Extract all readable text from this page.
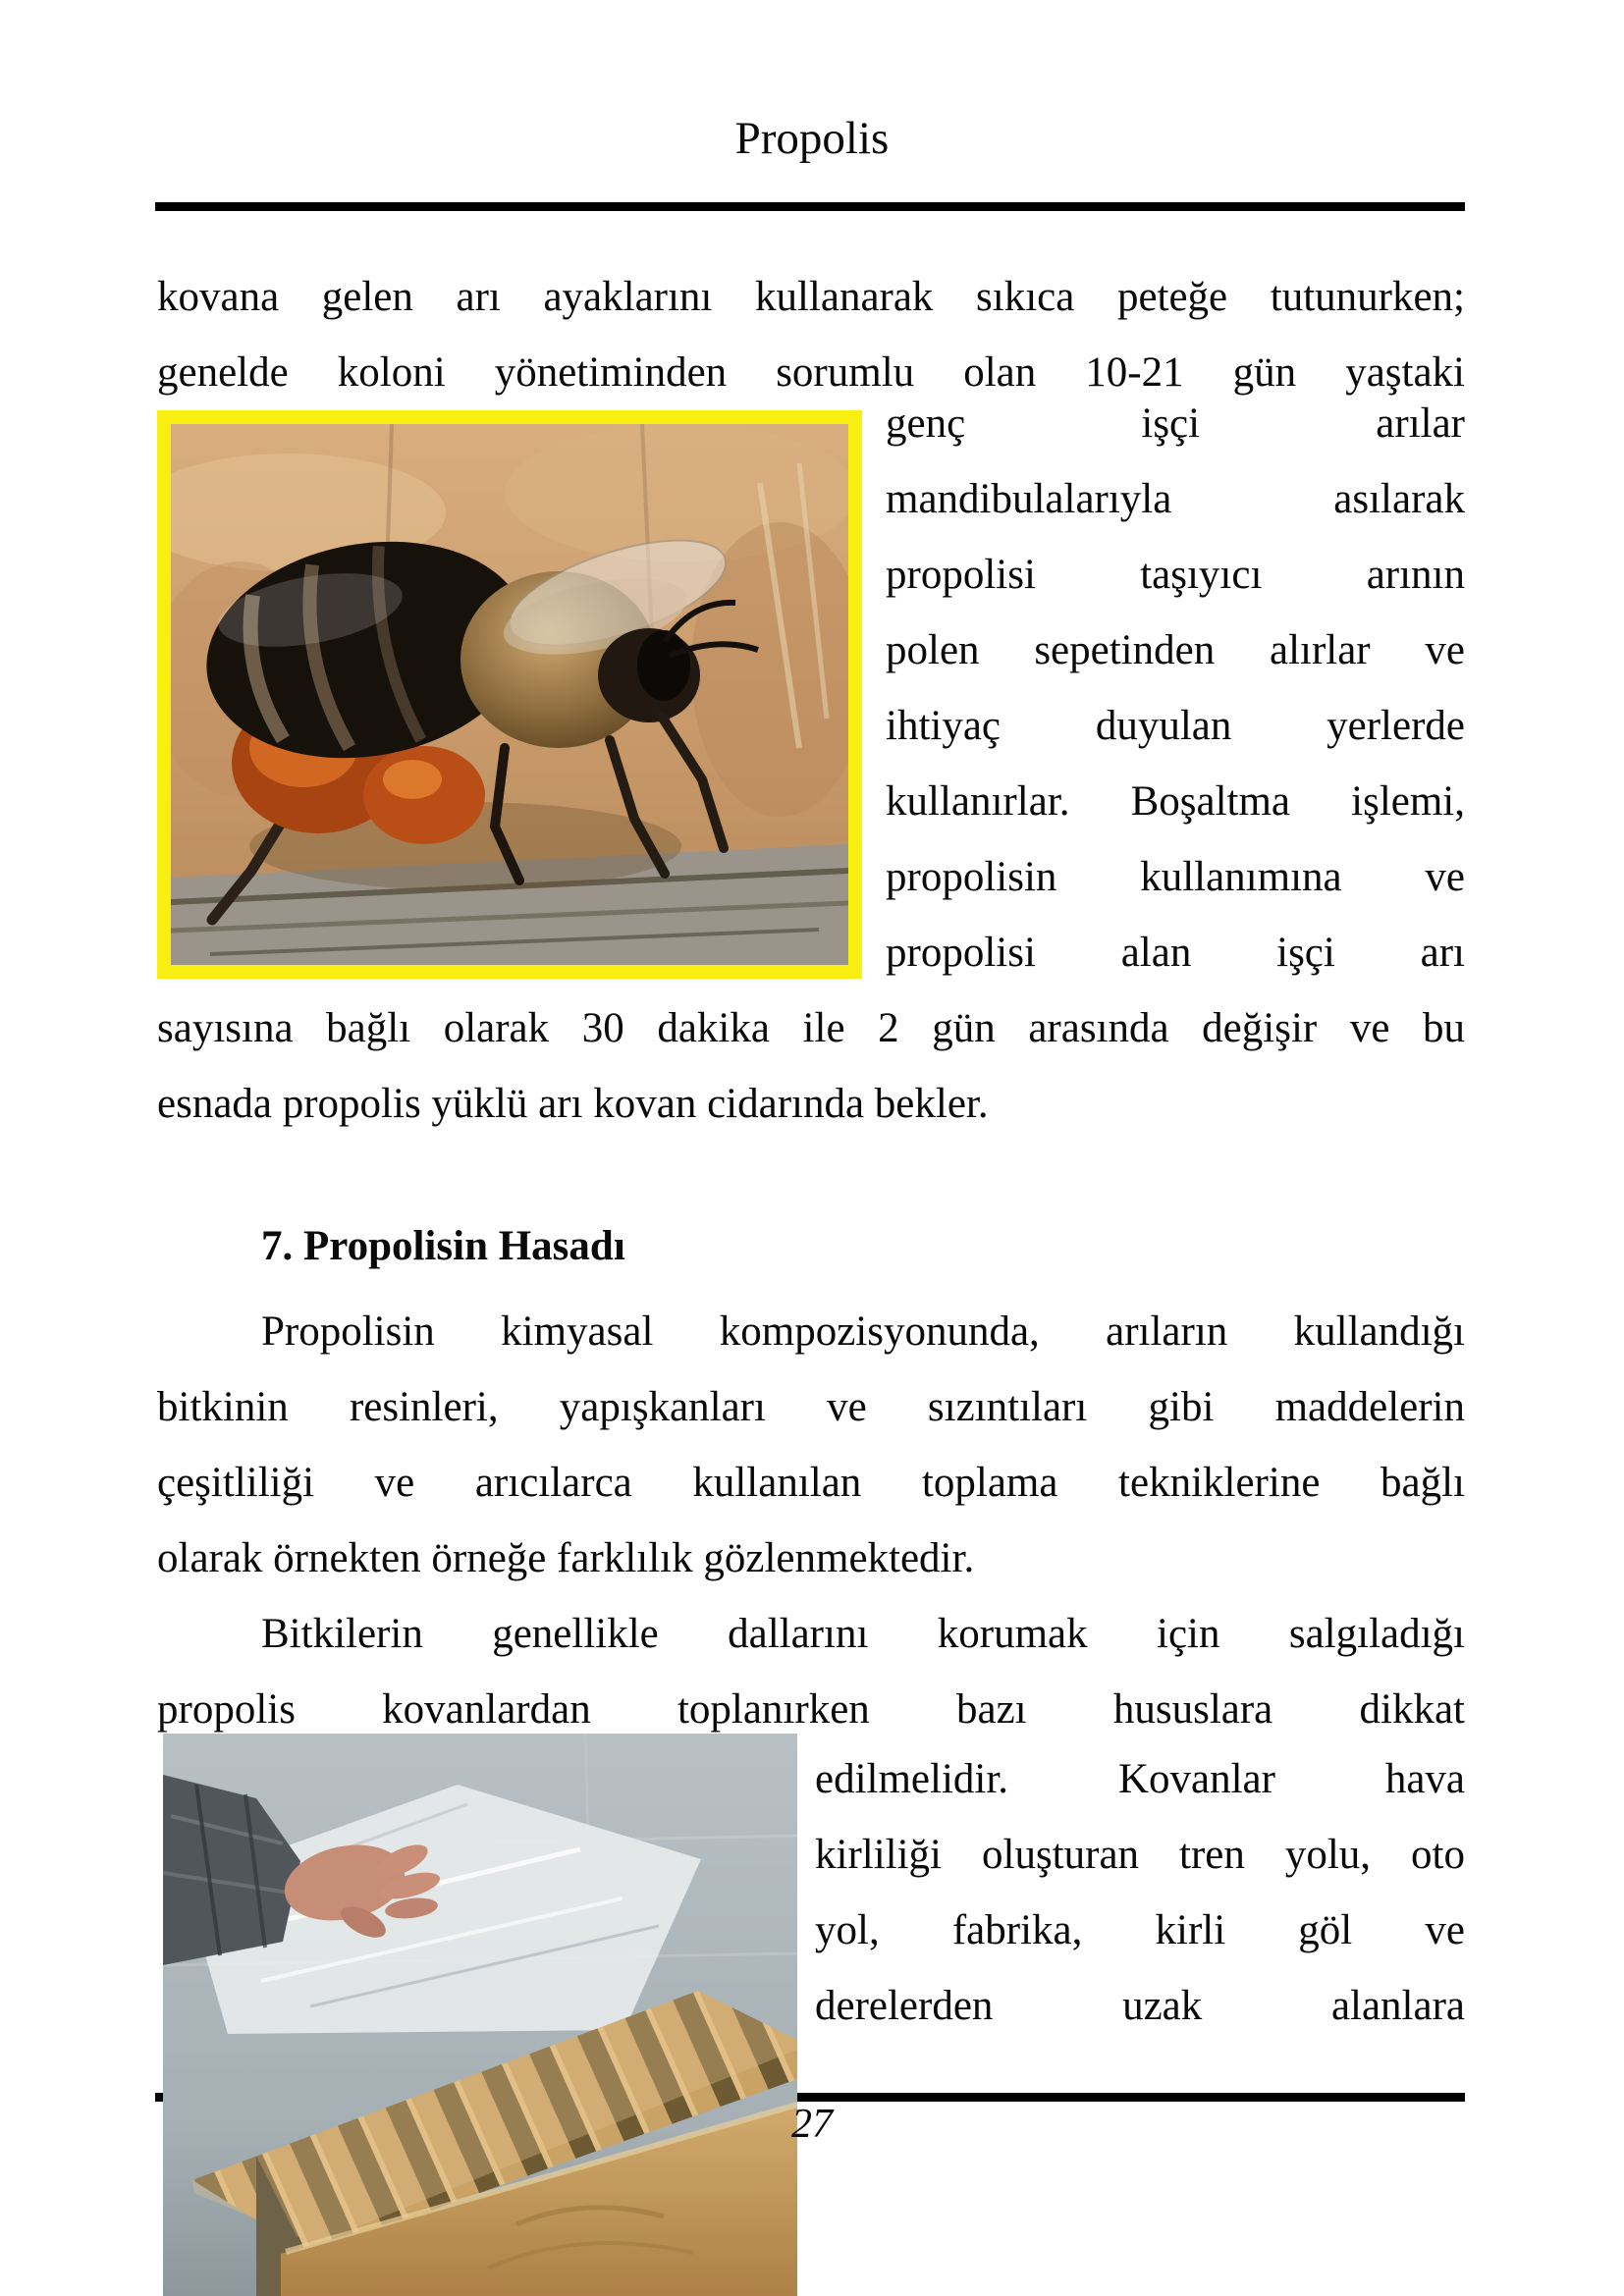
Propolis
kovana gelen arı ayaklarını kullanarak sıkıca peteğe tutunurken;
genelde koloni yönetiminden sorumlu olan 10-21 gün yaştaki
genç işçi arılar
mandibulalarıyla asılarak
propolisi taşıyıcı arının
polen sepetinden alırlar ve
ihtiyaç duyulan yerlerde
kullanırlar. Boşaltma işlemi,
propolisin kullanımına ve
propolisi alan işçi arı
sayısına bağlı olarak 30 dakika ile 2 gün arasında değişir ve bu
esnada propolis yüklü arı kovan cidarında bekler.
7. Propolisin Hasadı
Propolisin kimyasal kompozisyonunda, arıların kullandığı
bitkinin resinleri, yapışkanları ve sızıntıları gibi maddelerin
çeşitliliği ve arıcılarca kullanılan toplama tekniklerine bağlı
olarak örnekten örneğe farklılık gözlenmektedir.
Bitkilerin genellikle dallarını korumak için salgıladığı
propolis kovanlardan toplanırken bazı hususlara dikkat
edilmelidir. Kovanlar hava
kirliliği oluşturan tren yolu, oto
yol, fabrika, kirli göl ve
derelerden uzak alanlara
27
